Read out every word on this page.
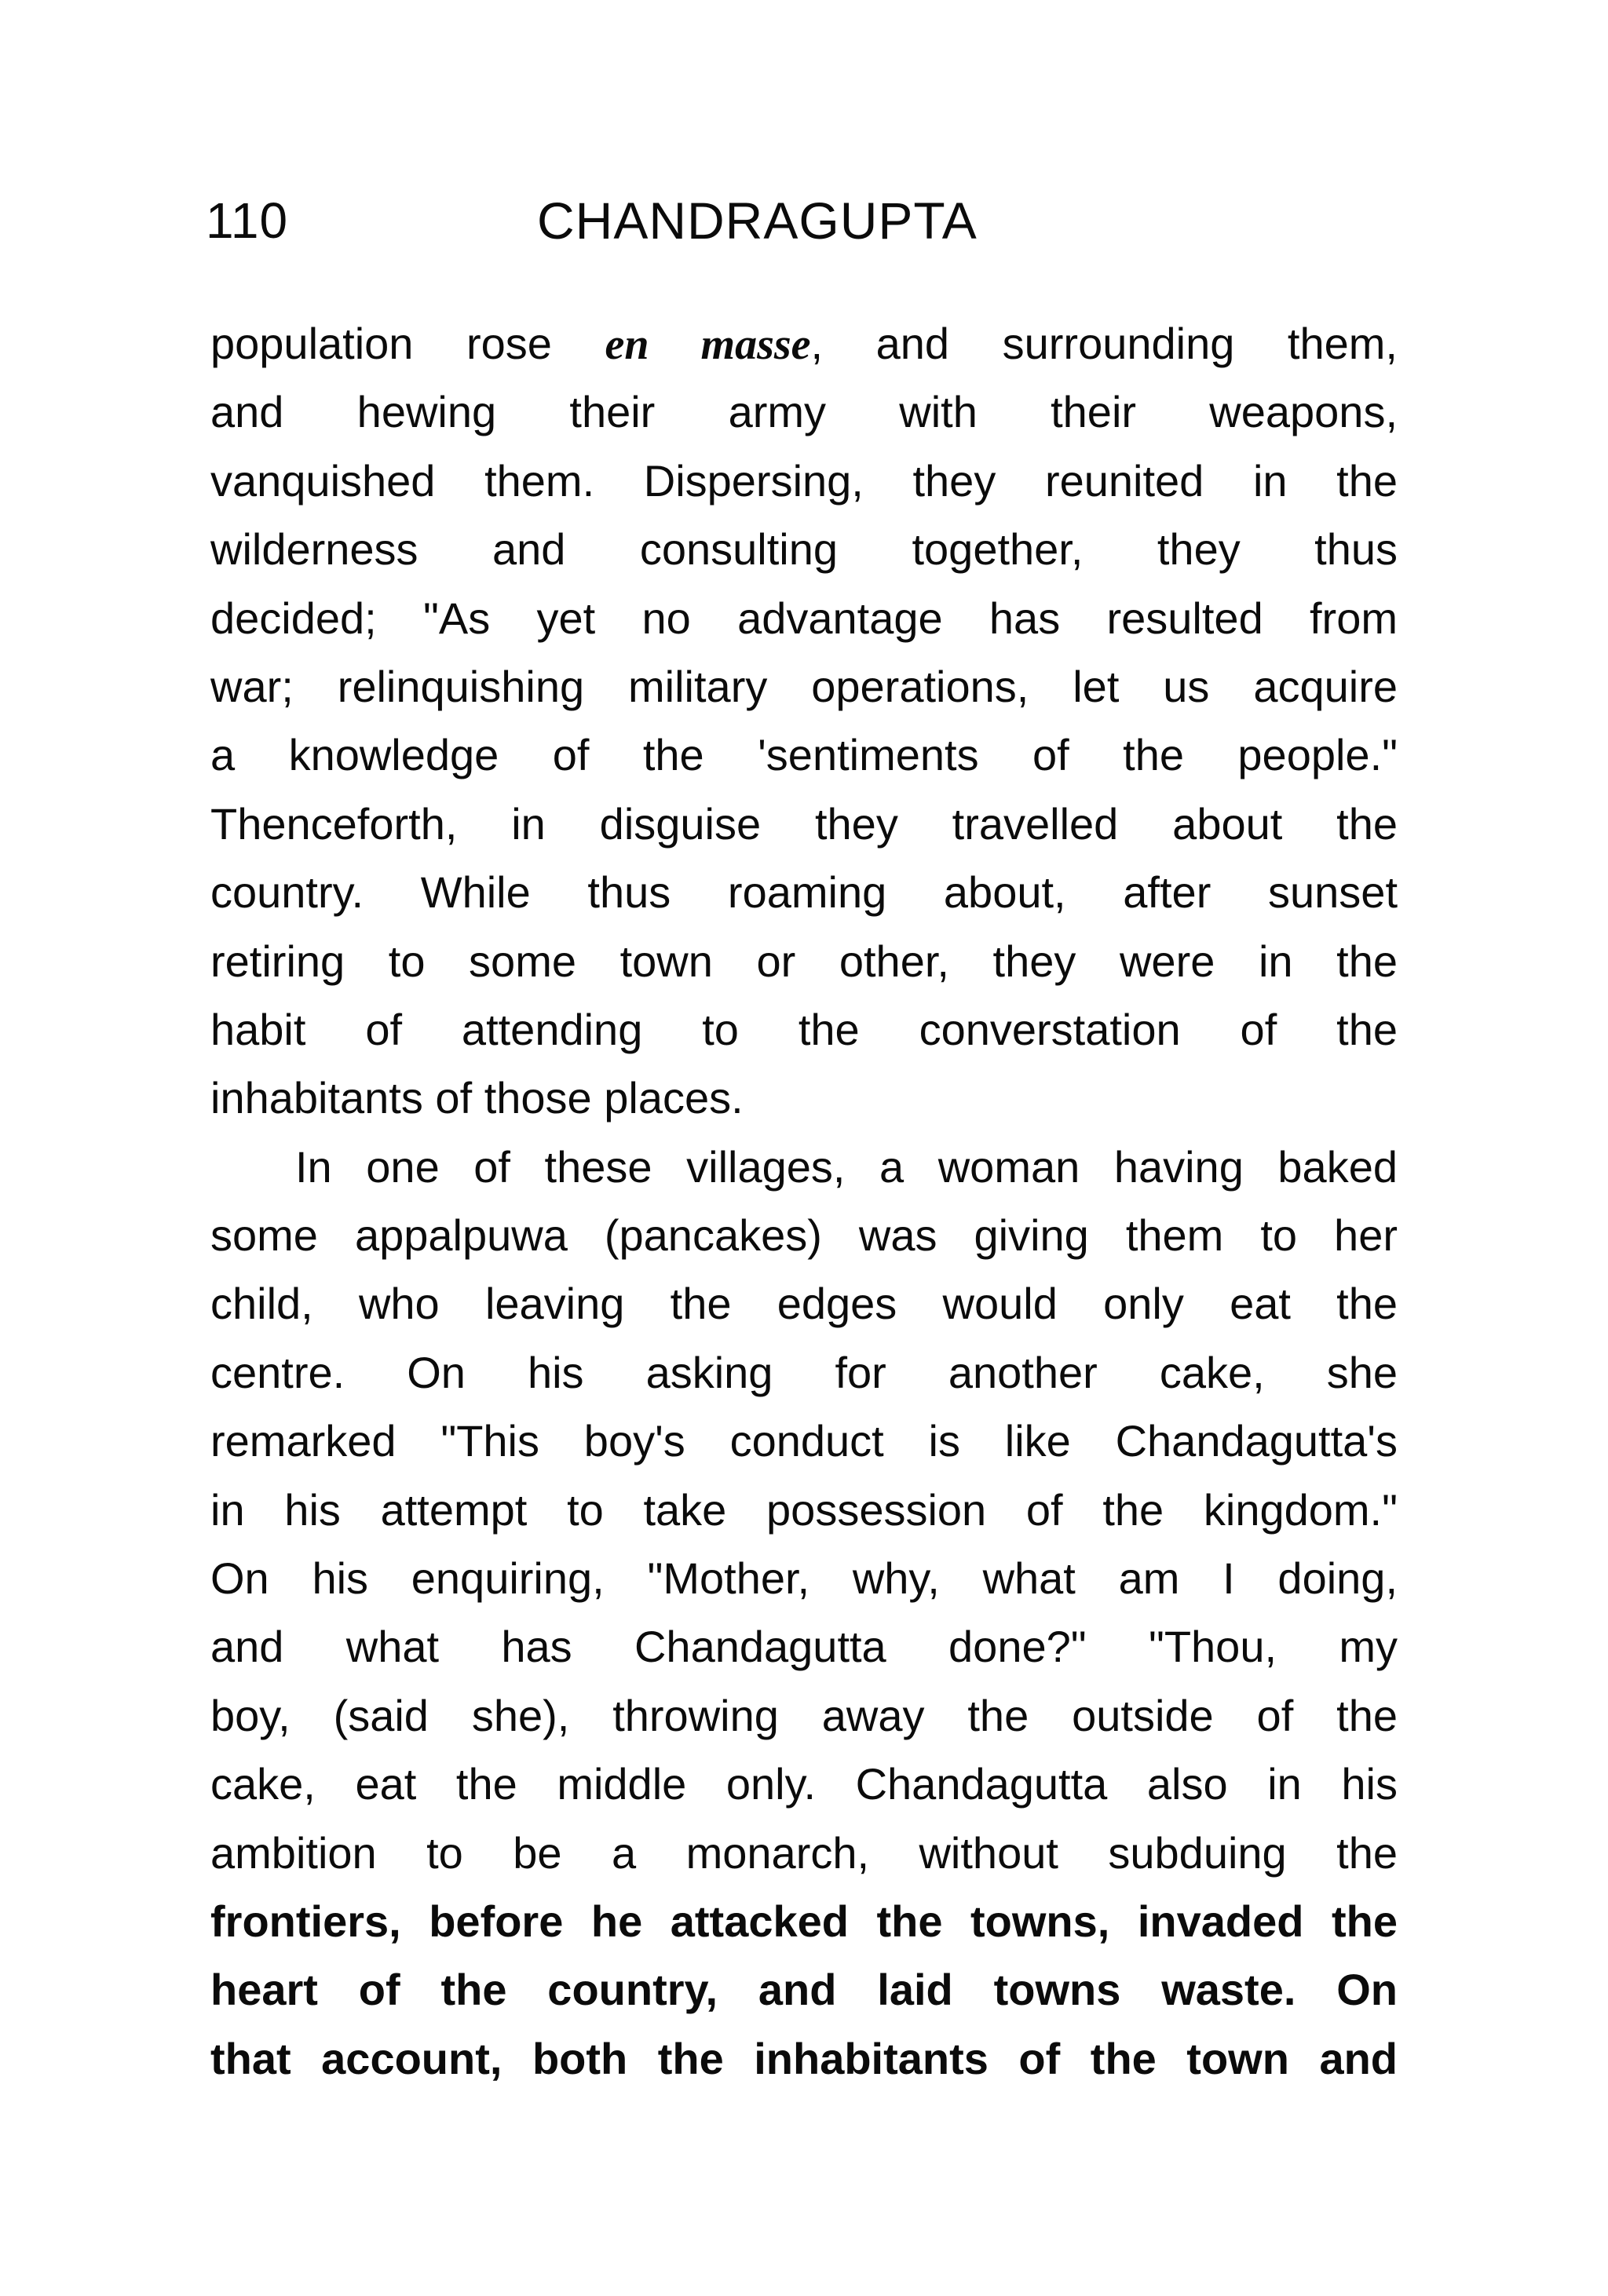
110	CHANDRAGUPTA
population rose en masse, and surrounding them,
and hewing their army with their weapons,
vanquished them. Dispersing, they reunited in the
wilderness and consulting together, they thus
decided; "As yet no advantage has resulted from
war; relinquishing military operations, let us acquire
a knowledge of the 'sentiments of the people."
Thenceforth, in disguise they travelled about the
country. While thus roaming about, after sunset
retiring to some town or other, they were in the
habit of attending to the converstation of the
inhabitants of those places.
In one of these villages, a woman having baked
some appalpuwa (pancakes) was giving them to her
child, who leaving the edges would only eat the
centre. On his asking for another cake, she
remarked "This boy's conduct is like Chandagutta's
in his attempt to take possession of the kingdom."
On his enquiring, "Mother, why, what am I doing,
and what has Chandagutta done?" "Thou, my
boy, (said she), throwing away the outside of the
cake, eat the middle only. Chandagutta also in his
ambition to be a monarch, without subduing the
frontiers, before he attacked the towns, invaded the
heart of the country, and laid towns waste. On
that account, both the inhabitants of the town and
